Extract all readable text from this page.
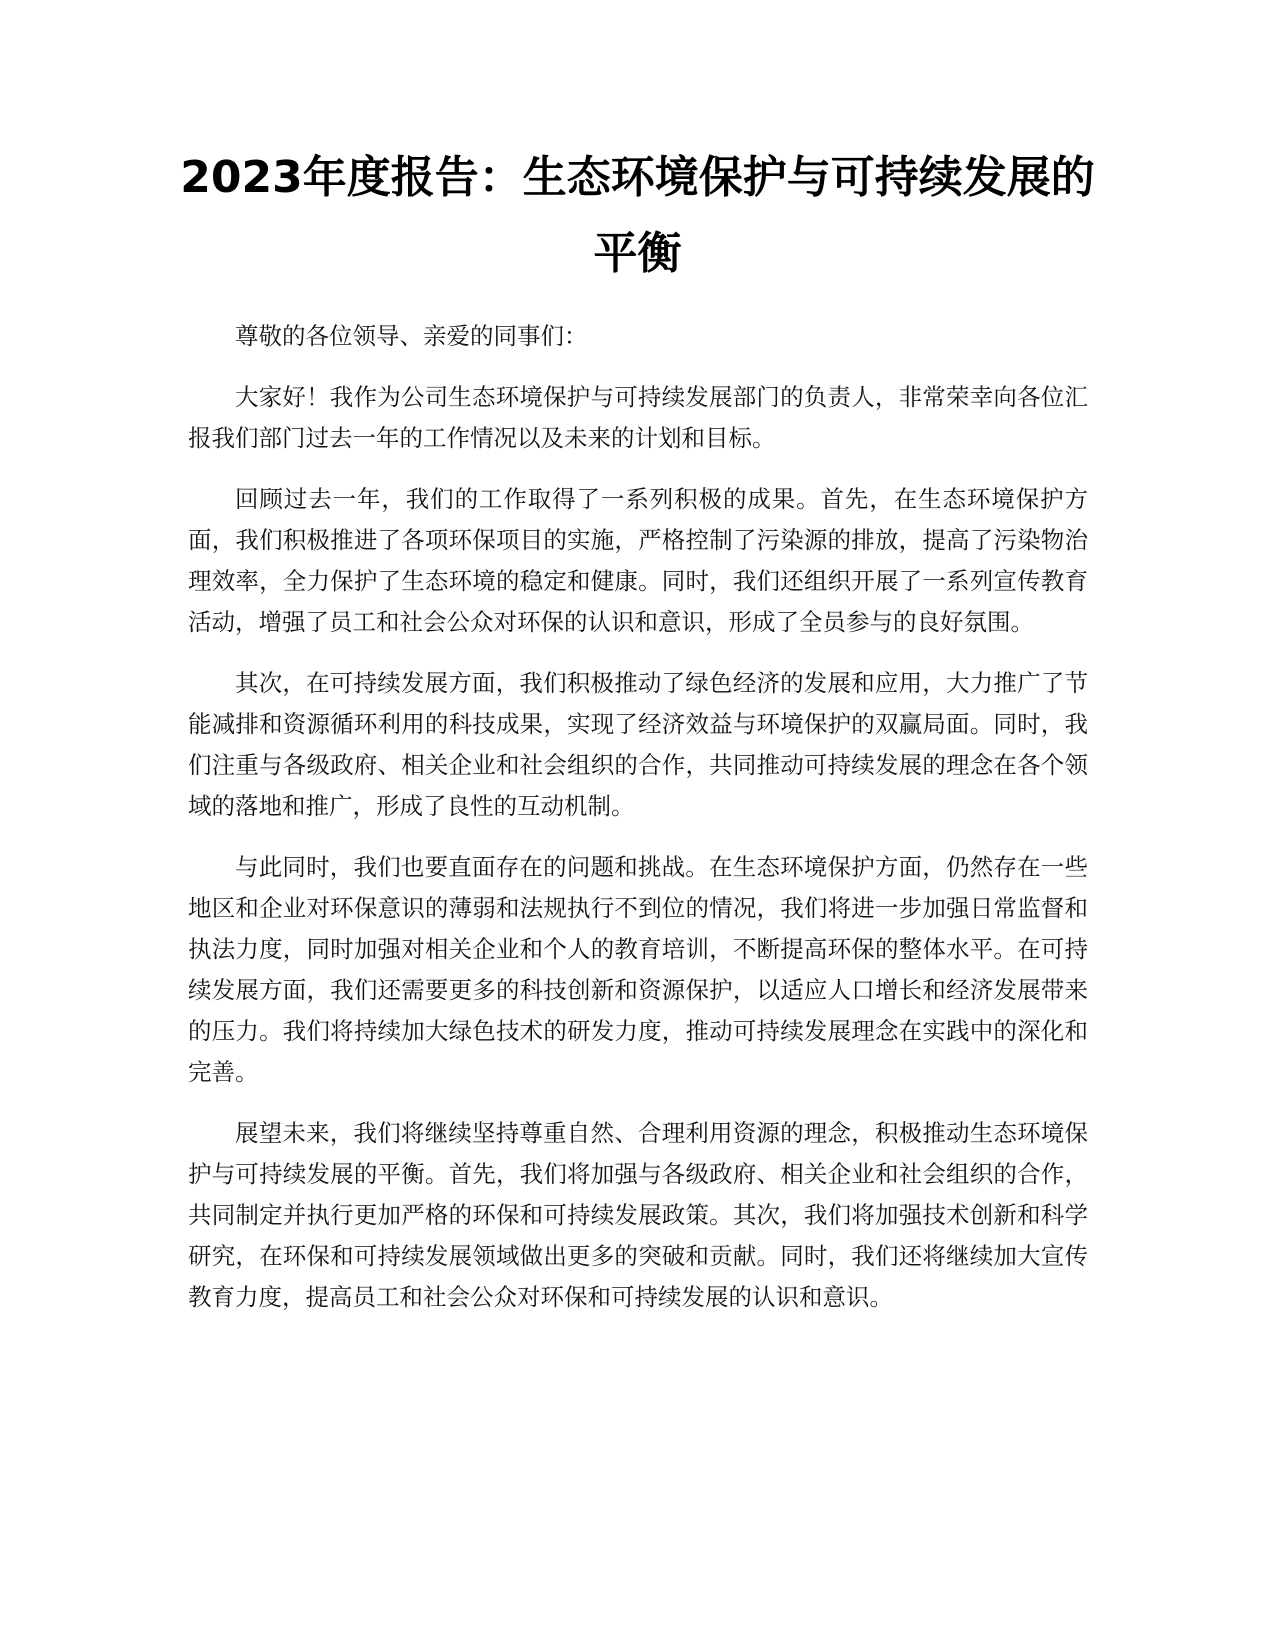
2023年度报告：生态环境保护与可持续发展的平衡

尊敬的各位领导、亲爱的同事们：

大家好！我作为公司生态环境保护与可持续发展部门的负责人，非常荣幸向各位汇报我们部门过去一年的工作情况以及未来的计划和目标。

回顾过去一年，我们的工作取得了一系列积极的成果。首先，在生态环境保护方面，我们积极推进了各项环保项目的实施，严格控制了污染源的排放，提高了污染物治理效率，全力保护了生态环境的稳定和健康。同时，我们还组织开展了一系列宣传教育活动，增强了员工和社会公众对环保的认识和意识，形成了全员参与的良好氛围。

其次，在可持续发展方面，我们积极推动了绿色经济的发展和应用，大力推广了节能减排和资源循环利用的科技成果，实现了经济效益与环境保护的双赢局面。同时，我们注重与各级政府、相关企业和社会组织的合作，共同推动可持续发展的理念在各个领域的落地和推广，形成了良性的互动机制。

与此同时，我们也要直面存在的问题和挑战。在生态环境保护方面，仍然存在一些地区和企业对环保意识的薄弱和法规执行不到位的情况，我们将进一步加强日常监督和执法力度，同时加强对相关企业和个人的教育培训，不断提高环保的整体水平。在可持续发展方面，我们还需要更多的科技创新和资源保护，以适应人口增长和经济发展带来的压力。我们将持续加大绿色技术的研发力度，推动可持续发展理念在实践中的深化和完善。

展望未来，我们将继续坚持尊重自然、合理利用资源的理念，积极推动生态环境保护与可持续发展的平衡。首先，我们将加强与各级政府、相关企业和社会组织的合作，共同制定并执行更加严格的环保和可持续发展政策。其次，我们将加强技术创新和科学研究，在环保和可持续发展领域做出更多的突破和贡献。同时，我们还将继续加大宣传教育力度，提高员工和社会公众对环保和可持续发展的认识和意识。
